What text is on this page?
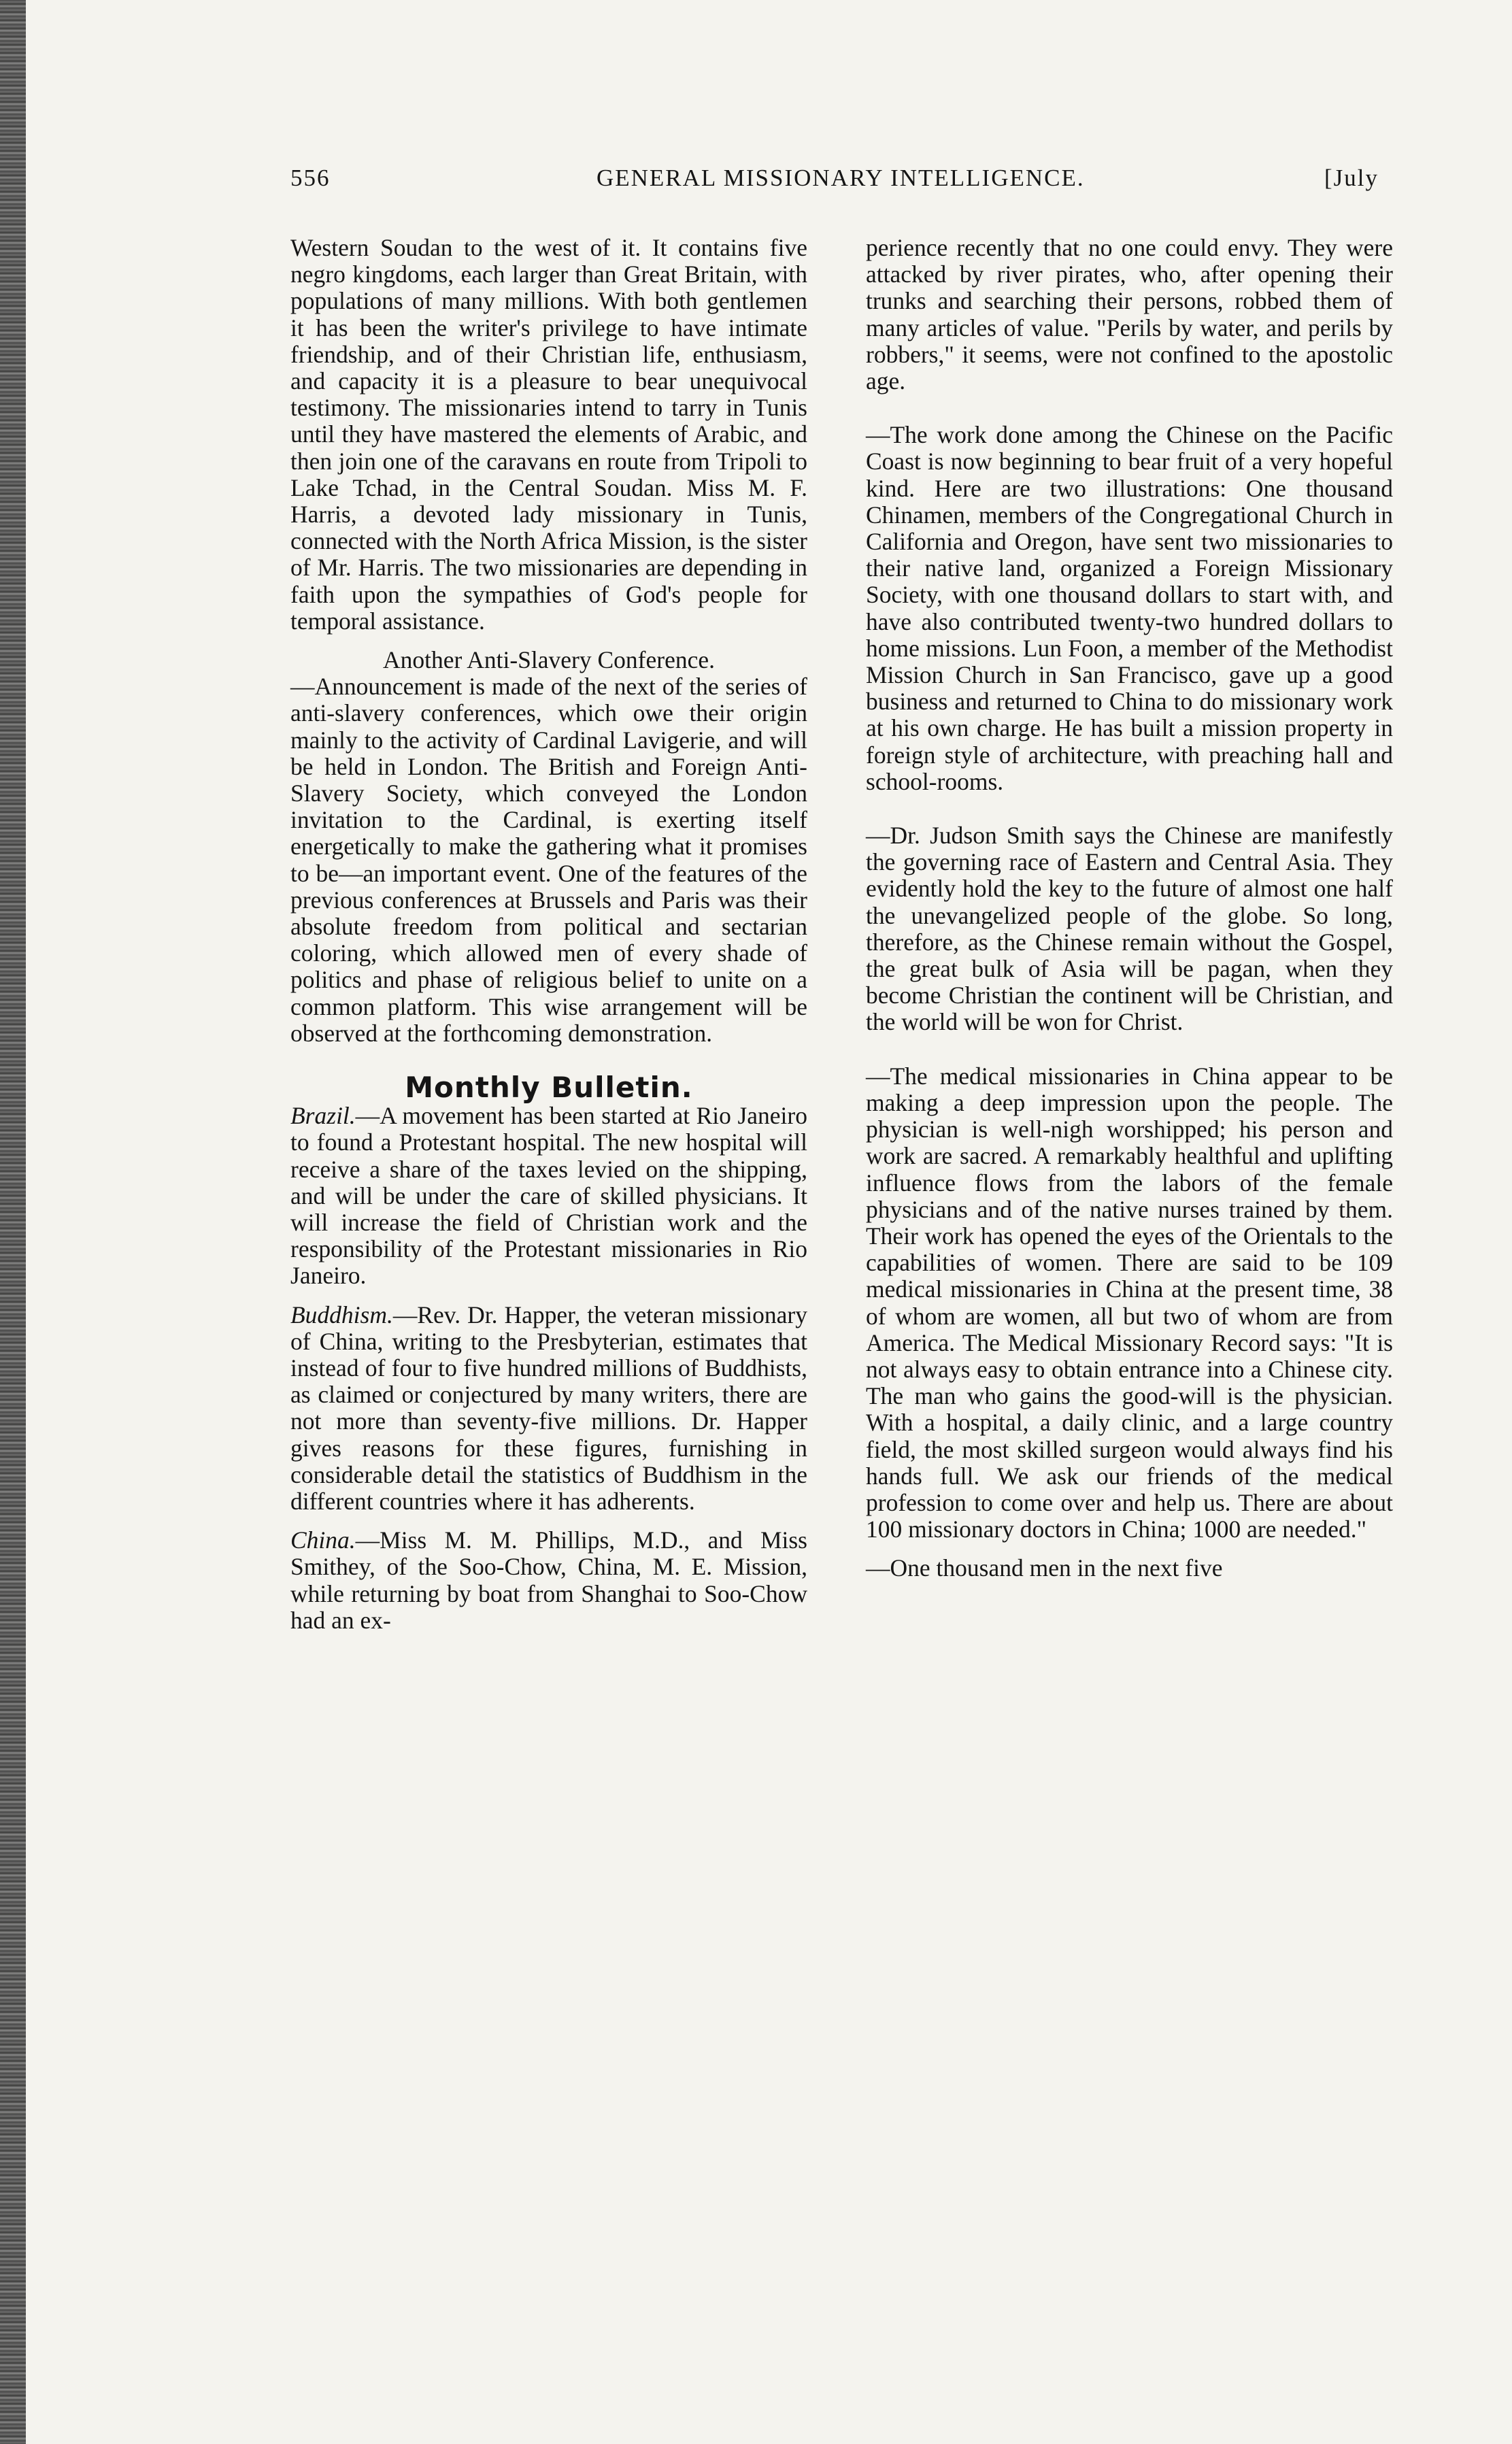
556	GENERAL MISSIONARY INTELLIGENCE.	[July

Western Soudan to the west of it. It contains five negro kingdoms, each larger than Great Britain, with populations of many millions. With both gentlemen it has been the writer's privilege to have intimate friendship, and of their Christian life, enthusiasm, and capacity it is a pleasure to bear unequivocal testimony. The missionaries intend to tarry in Tunis until they have mastered the elements of Arabic, and then join one of the caravans en route from Tripoli to Lake Tchad, in the Central Soudan. Miss M. F. Harris, a devoted lady missionary in Tunis, connected with the North Africa Mission, is the sister of Mr. Harris. The two missionaries are depending in faith upon the sympathies of God's people for temporal assistance.

Another Anti-Slavery Conference.

—Announcement is made of the next of the series of anti-slavery conferences, which owe their origin mainly to the activity of Cardinal Lavigerie, and will be held in London. The British and Foreign Anti-Slavery Society, which conveyed the London invitation to the Cardinal, is exerting itself energetically to make the gathering what it promises to be—an important event. One of the features of the previous conferences at Brussels and Paris was their absolute freedom from political and sectarian coloring, which allowed men of every shade of politics and phase of religious belief to unite on a common platform. This wise arrangement will be observed at the forthcoming demonstration.

Monthly Bulletin.

Brazil.—A movement has been started at Rio Janeiro to found a Protestant hospital. The new hospital will receive a share of the taxes levied on the shipping, and will be under the care of skilled physicians. It will increase the field of Christian work and the responsibility of the Protestant missionaries in Rio Janeiro.

Buddhism.—Rev. Dr. Happer, the veteran missionary of China, writing to the Presbyterian, estimates that instead of four to five hundred millions of Buddhists, as claimed or conjectured by many writers, there are not more than seventy-five millions. Dr. Happer gives reasons for these figures, furnishing in considerable detail the statistics of Buddhism in the different countries where it has adherents.

China.—Miss M. M. Phillips, M.D., and Miss Smithey, of the Soo-Chow, China, M. E. Mission, while returning by boat from Shanghai to Soo-Chow had an ex-

perience recently that no one could envy. They were attacked by river pirates, who, after opening their trunks and searching their persons, robbed them of many articles of value. "Perils by water, and perils by robbers," it seems, were not confined to the apostolic age.

—The work done among the Chinese on the Pacific Coast is now beginning to bear fruit of a very hopeful kind. Here are two illustrations: One thousand Chinamen, members of the Congregational Church in California and Oregon, have sent two missionaries to their native land, organized a Foreign Missionary Society, with one thousand dollars to start with, and have also contributed twenty-two hundred dollars to home missions. Lun Foon, a member of the Methodist Mission Church in San Francisco, gave up a good business and returned to China to do missionary work at his own charge. He has built a mission property in foreign style of architecture, with preaching hall and school-rooms.

—Dr. Judson Smith says the Chinese are manifestly the governing race of Eastern and Central Asia. They evidently hold the key to the future of almost one half the unevangelized people of the globe. So long, therefore, as the Chinese remain without the Gospel, the great bulk of Asia will be pagan, when they become Christian the continent will be Christian, and the world will be won for Christ.

—The medical missionaries in China appear to be making a deep impression upon the people. The physician is well-nigh worshipped; his person and work are sacred. A remarkably healthful and uplifting influence flows from the labors of the female physicians and of the native nurses trained by them. Their work has opened the eyes of the Orientals to the capabilities of women. There are said to be 109 medical missionaries in China at the present time, 38 of whom are women, all but two of whom are from America. The Medical Missionary Record says: "It is not always easy to obtain entrance into a Chinese city. The man who gains the good-will is the physician. With a hospital, a daily clinic, and a large country field, the most skilled surgeon would always find his hands full. We ask our friends of the medical profession to come over and help us. There are about 100 missionary doctors in China; 1000 are needed."

—One thousand men in the next five
